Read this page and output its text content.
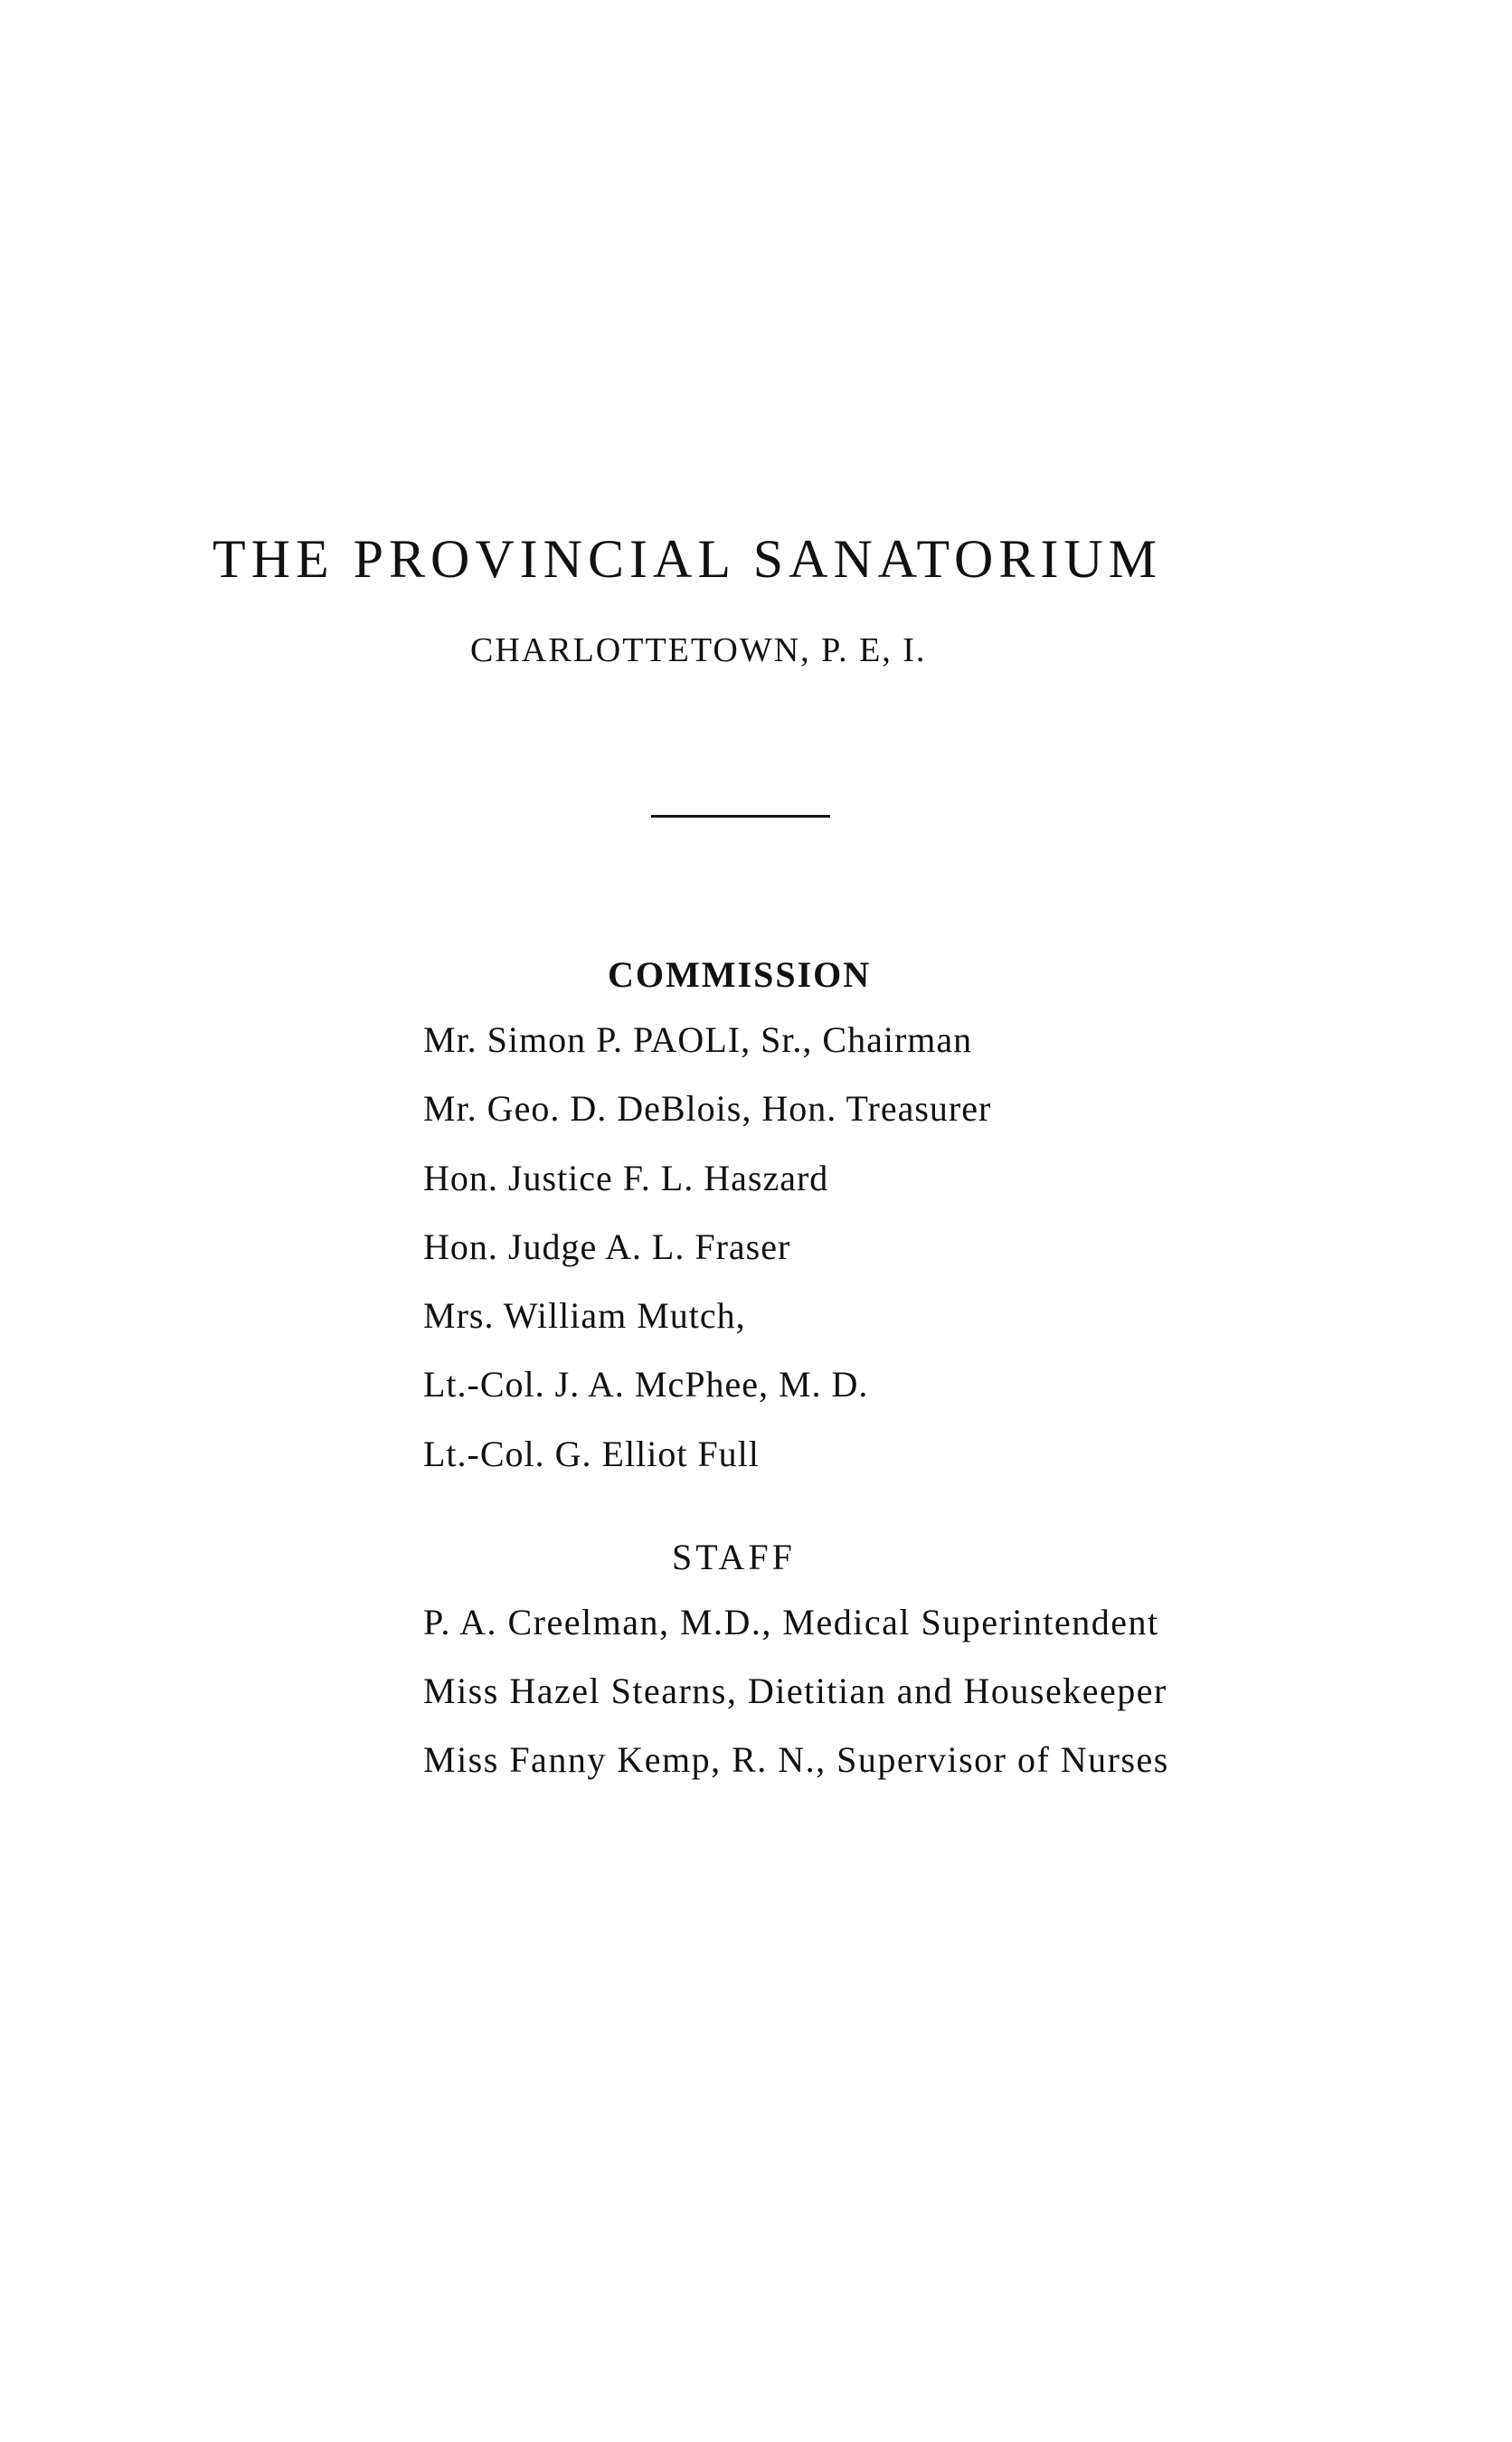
THE PROVINCIAL SANATORIUM
CHARLOTTETOWN, P. E, I.
COMMISSION
Mr. Simon P. PAOLI, Sr., Chairman
Mr. Geo. D. DeBlois, Hon. Treasurer
Hon. Justice F. L. Haszard
Hon. Judge A. L. Fraser
Mrs. William Mutch,
Lt.-Col. J. A. McPhee, M. D.
Lt.-Col. G. Elliot Full
STAFF
P. A. Creelman, M.D., Medical Superintendent
Miss Hazel Stearns, Dietitian and Housekeeper
Miss Fanny Kemp, R. N., Supervisor of Nurses
